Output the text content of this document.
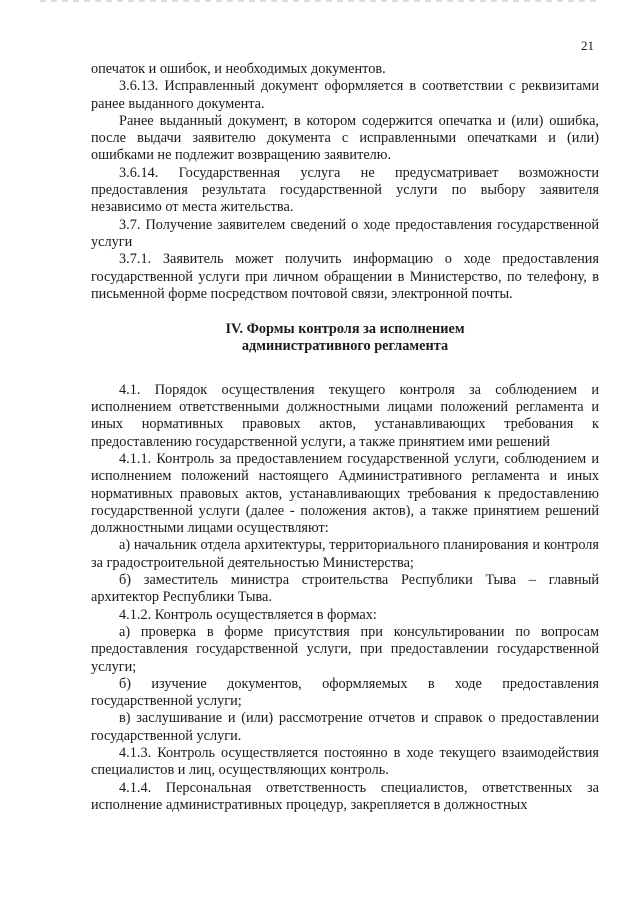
21

опечаток и ошибок, и необходимых документов.

3.6.13. Исправленный документ оформляется в соответствии с реквизитами ранее выданного документа.

Ранее выданный документ, в котором содержится опечатка и (или) ошибка, после выдачи заявителю документа с исправленными опечатками и (или) ошибками не подлежит возвращению заявителю.

3.6.14. Государственная услуга не предусматривает возможности предоставления результата государственной услуги по выбору заявителя независимо от места жительства.

3.7. Получение заявителем сведений о ходе предоставления государственной услуги

3.7.1. Заявитель может получить информацию о ходе предоставления государственной услуги при личном обращении в Министерство, по телефону, в письменной форме посредством почтовой связи, электронной почты.

IV. Формы контроля за исполнением
административного регламента

4.1. Порядок осуществления текущего контроля за соблюдением и исполнением ответственными должностными лицами положений регламента и иных нормативных правовых актов, устанавливающих требования к предоставлению государственной услуги, а также принятием ими решений

4.1.1. Контроль за предоставлением государственной услуги, соблюдением и исполнением положений настоящего Административного регламента и иных нормативных правовых актов, устанавливающих требования к предоставлению государственной услуги (далее - положения актов), а также принятием решений должностными лицами осуществляют:

а) начальник отдела архитектуры, территориального планирования и контроля за градостроительной деятельностью Министерства;

б) заместитель министра строительства Республики Тыва – главный архитектор Республики Тыва.

4.1.2. Контроль осуществляется в формах:

а) проверка в форме присутствия при консультировании по вопросам предоставления государственной услуги, при предоставлении государственной услуги;

б) изучение документов, оформляемых в ходе предоставления государственной услуги;

в) заслушивание и (или) рассмотрение отчетов и справок о предоставлении государственной услуги.

4.1.3. Контроль осуществляется постоянно в ходе текущего взаимодействия специалистов и лиц, осуществляющих контроль.

4.1.4. Персональная ответственность специалистов, ответственных за исполнение административных процедур, закрепляется в должностных
